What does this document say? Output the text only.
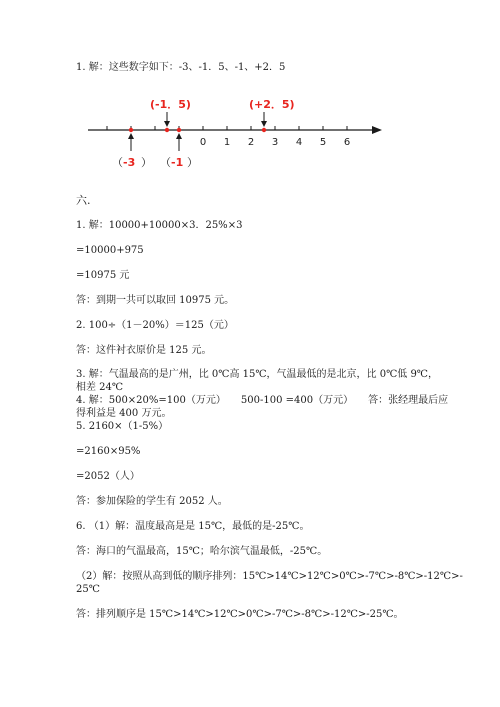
1. 解：这些数字如下：-3、-1．5、-1、+2．5
0 1 2 3 4 5 6
(-1．5)	(+2．5)
（ -3 ） （ -1 ）
六.
1. 解：10000+10000×3．25%×3
=10000+975
=10975 元
答：到期一共可以取回 10975 元。
2. 100÷（1－20%）＝125（元）
答：这件衬衣原价是 125 元。
3. 解：气温最高的是广州，比 0℃高 15℃，气温最低的是北京，比 0℃低 9℃，
相差 24℃
4. 解：500×20%=100（万元）　　500-100 =400（万元）　　答：张经理最后应
得利益是 400 万元。
5. 2160×（1-5%）
=2160×95%
=2052（人）
答：参加保险的学生有 2052 人。
6. （1）解：温度最高是是 15℃，最低的是-25℃。
答：海口的气温最高，15℃；哈尔滨气温最低，-25℃。
（2）解：按照从高到低的顺序排列：15℃>14℃>12℃>0℃>-7℃>-8℃>-12℃>-
25℃
答：排列顺序是 15℃>14℃>12℃>0℃>-7℃>-8℃>-12℃>-25℃。
